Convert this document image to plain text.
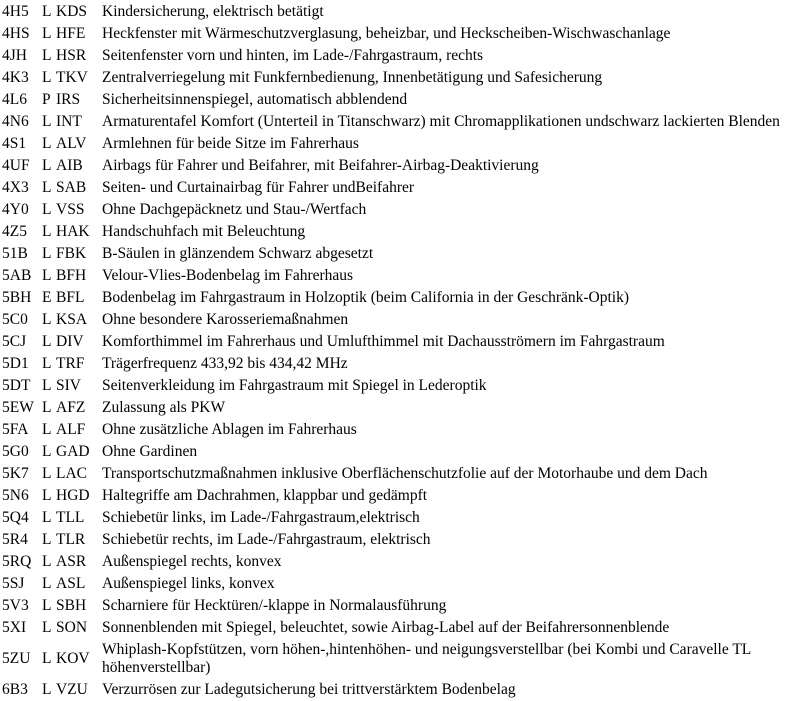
4H5	L	KDS	Kindersicherung, elektrisch betätigt
4HS	L	HFE	Heckfenster mit Wärmeschutzverglasung, beheizbar, und Heckscheiben-Wischwaschanlage
4JH	L	HSR	Seitenfenster vorn und hinten, im Lade-/Fahrgastraum, rechts
4K3	L	TKV	Zentralverriegelung mit Funkfernbedienung, Innenbetätigung und Safesicherung
4L6	P	IRS	Sicherheitsinnenspiegel, automatisch abblendend
4N6	L	INT	Armaturentafel Komfort (Unterteil in Titanschwarz) mit Chromapplikationen undschwarz lackierten Blenden
4S1	L	ALV	Armlehnen für beide Sitze im Fahrerhaus
4UF	L	AIB	Airbags für Fahrer und Beifahrer, mit Beifahrer-Airbag-Deaktivierung
4X3	L	SAB	Seiten- und Curtainairbag für Fahrer undBeifahrer
4Y0	L	VSS	Ohne Dachgepäcknetz und Stau-/Wertfach
4Z5	L	HAK	Handschuhfach mit Beleuchtung
51B	L	FBK	B-Säulen in glänzendem Schwarz abgesetzt
5AB	L	BFH	Velour-Vlies-Bodenbelag im Fahrerhaus
5BH	E	BFL	Bodenbelag im Fahrgastraum in Holzoptik (beim California in der Geschränk-Optik)
5C0	L	KSA	Ohne besondere Karosseriemaßnahmen
5CJ	L	DIV	Komforthimmel im Fahrerhaus und Umlufthimmel mit Dachausströmern im Fahrgastraum
5D1	L	TRF	Trägerfrequenz 433,92 bis 434,42 MHz
5DT	L	SIV	Seitenverkleidung im Fahrgastraum mit Spiegel in Lederoptik
5EW	L	AFZ	Zulassung als PKW
5FA	L	ALF	Ohne zusätzliche Ablagen im Fahrerhaus
5G0	L	GAD	Ohne Gardinen
5K7	L	LAC	Transportschutzmaßnahmen inklusive Oberflächenschutzfolie auf der Motorhaube und dem Dach
5N6	L	HGD	Haltegriffe am Dachrahmen, klappbar und gedämpft
5Q4	L	TLL	Schiebetür links, im Lade-/Fahrgastraum,elektrisch
5R4	L	TLR	Schiebetür rechts, im Lade-/Fahrgastraum, elektrisch
5RQ	L	ASR	Außenspiegel rechts, konvex
5SJ	L	ASL	Außenspiegel links, konvex
5V3	L	SBH	Scharniere für Hecktüren/-klappe in Normalausführung
5XI	L	SON	Sonnenblenden mit Spiegel, beleuchtet, sowie Airbag-Label auf der Beifahrersonnenblende
5ZU	L	KOV	Whiplash-Kopfstützen, vorn höhen-,hintenhöhen- und neigungsverstellbar (bei Kombi und Caravelle TL höhenverstellbar)
6B3	L	VZU	Verzurrösen zur Ladegutsicherung bei trittverstärktem Bodenbelag
